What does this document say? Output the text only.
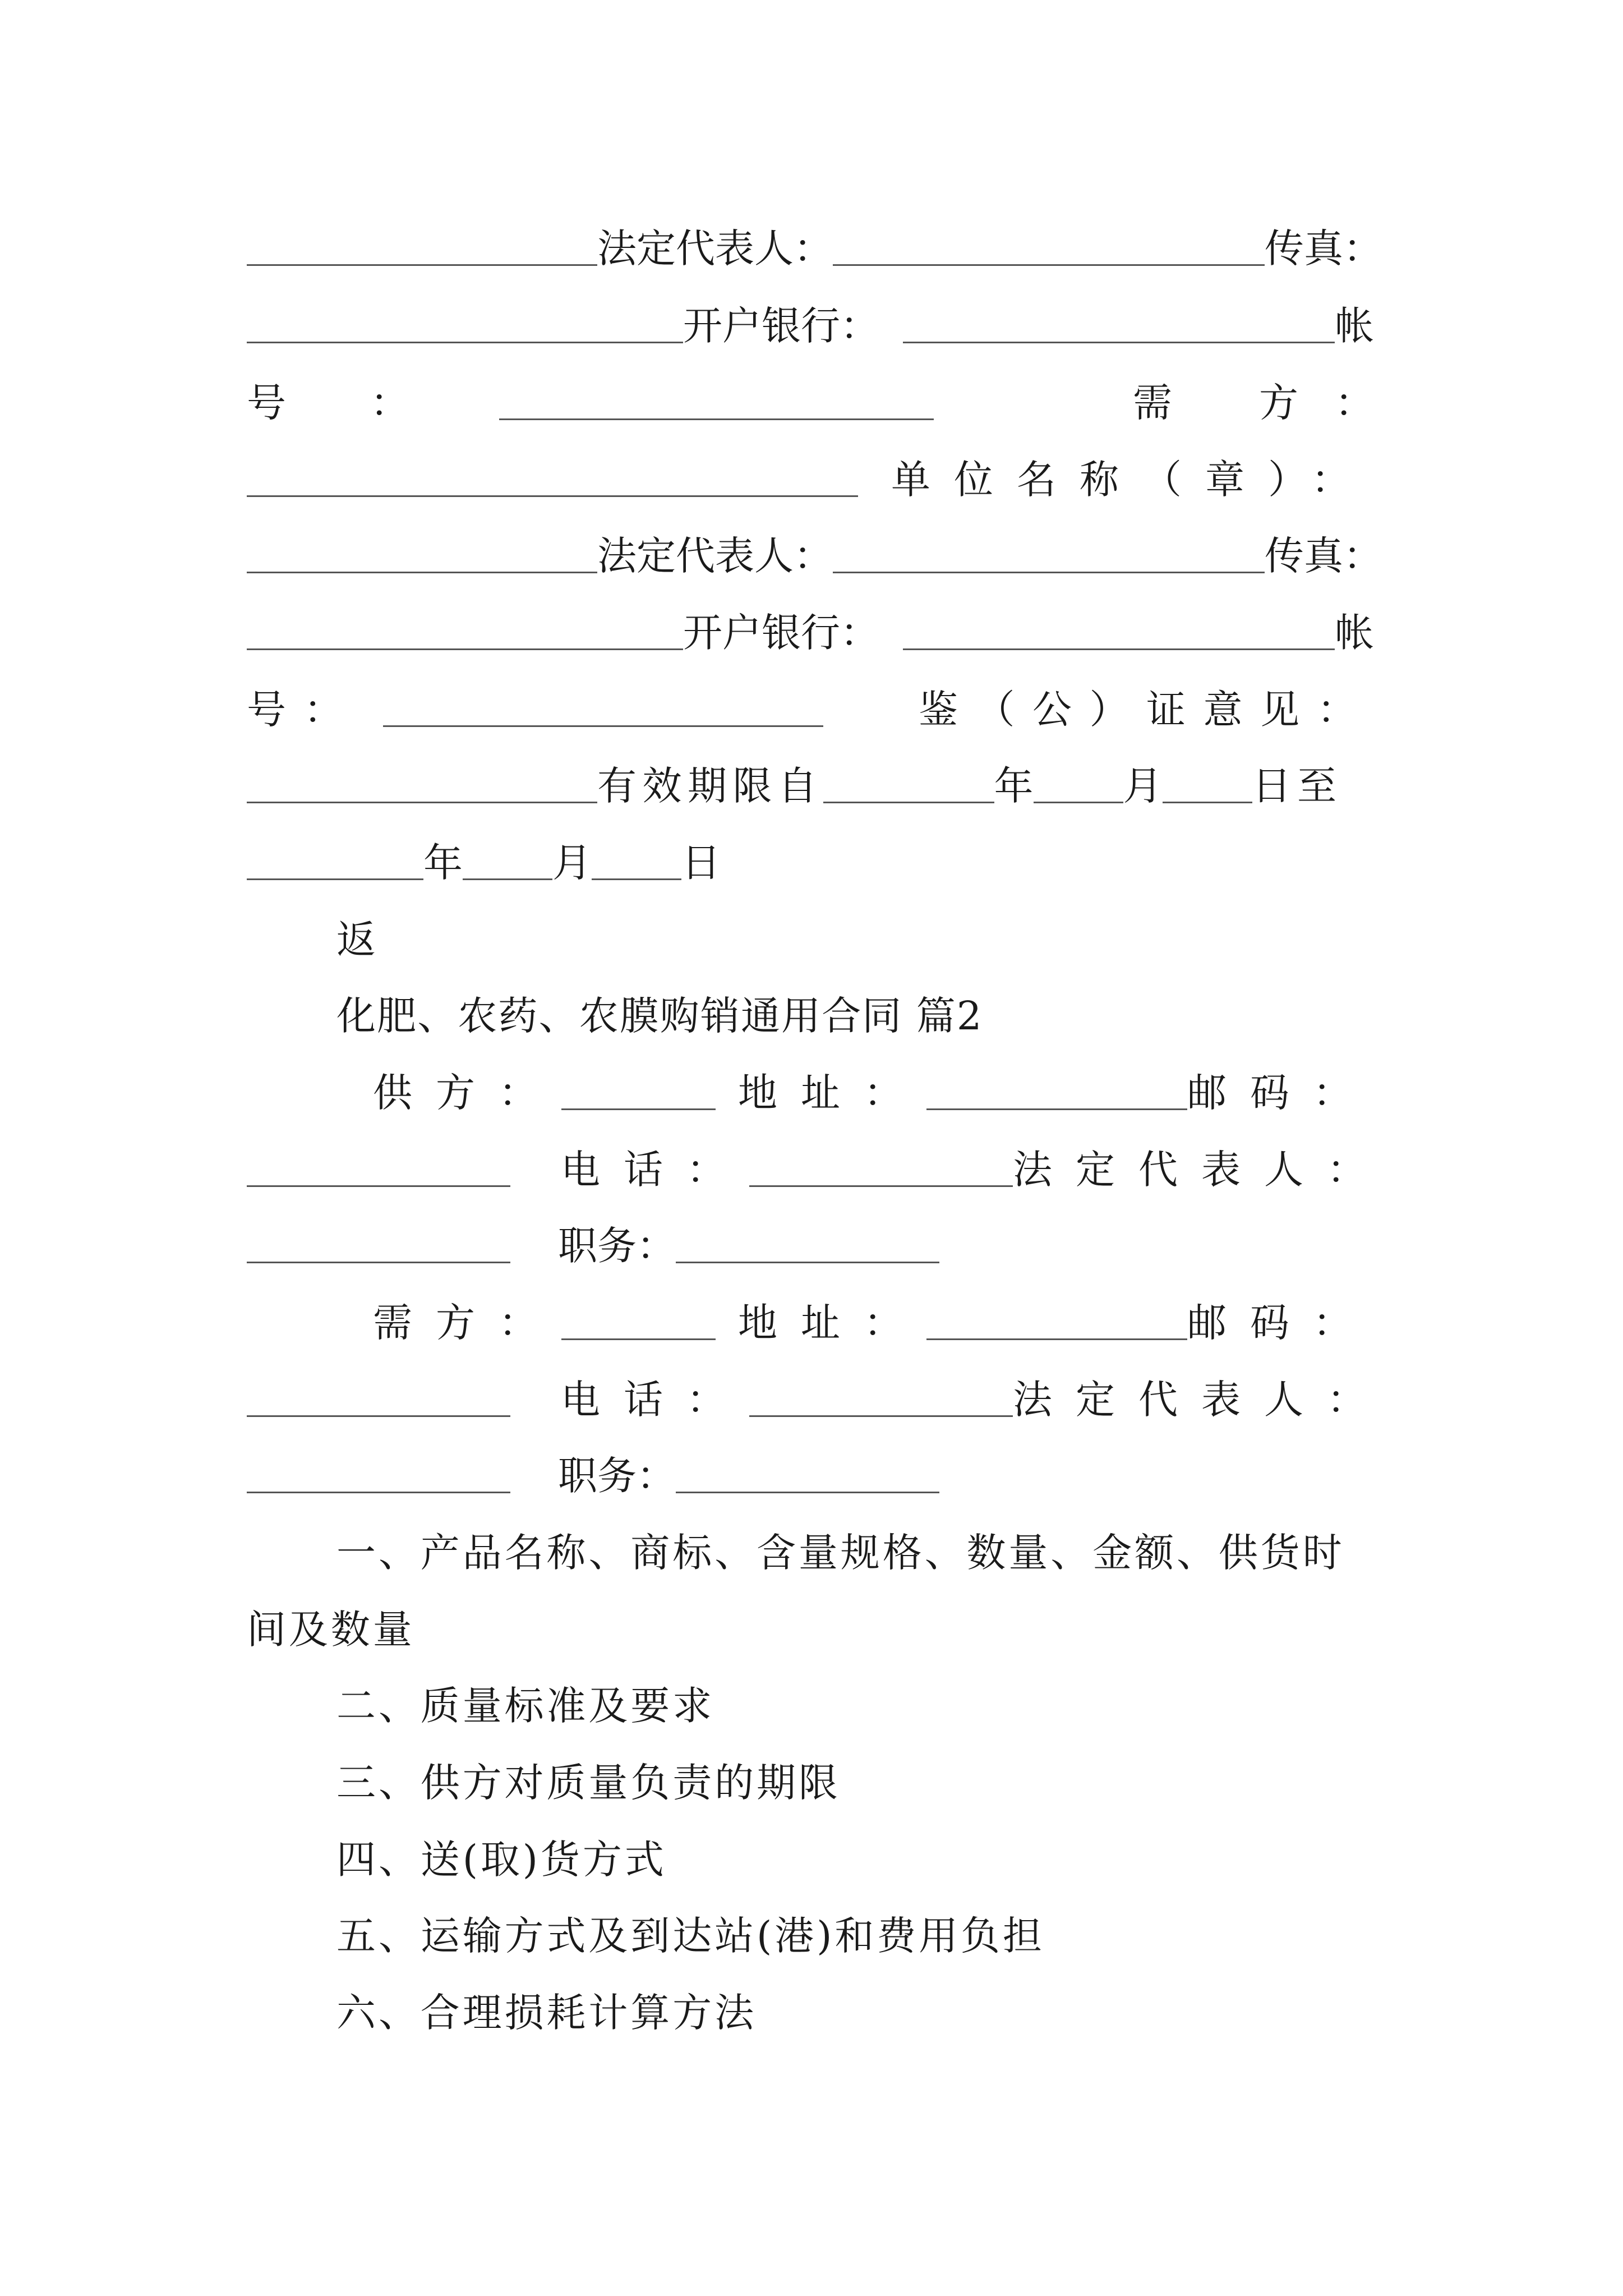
法定代表人：	传真：
开户银行：	帐
号 ：	需 方 ：
单位名称（章）：
法定代表人：	传真：
开户银行：	帐
号：	鉴（公）证意见：
有效期限自	年 月 日至
年 月 日
返
化肥、农药、农膜购销通用合同 篇2
供方：	地址：	邮码：
电话：	法定代表人：
职务：
需方：	地址：	邮码：
电话：	法定代表人：
职务：
一、产品名称、商标、含量规格、数量、金额、供货时
间及数量
二、质量标准及要求
三、供方对质量负责的期限
四、送(取)货方式
五、运输方式及到达站(港)和费用负担
六、合理损耗计算方法
